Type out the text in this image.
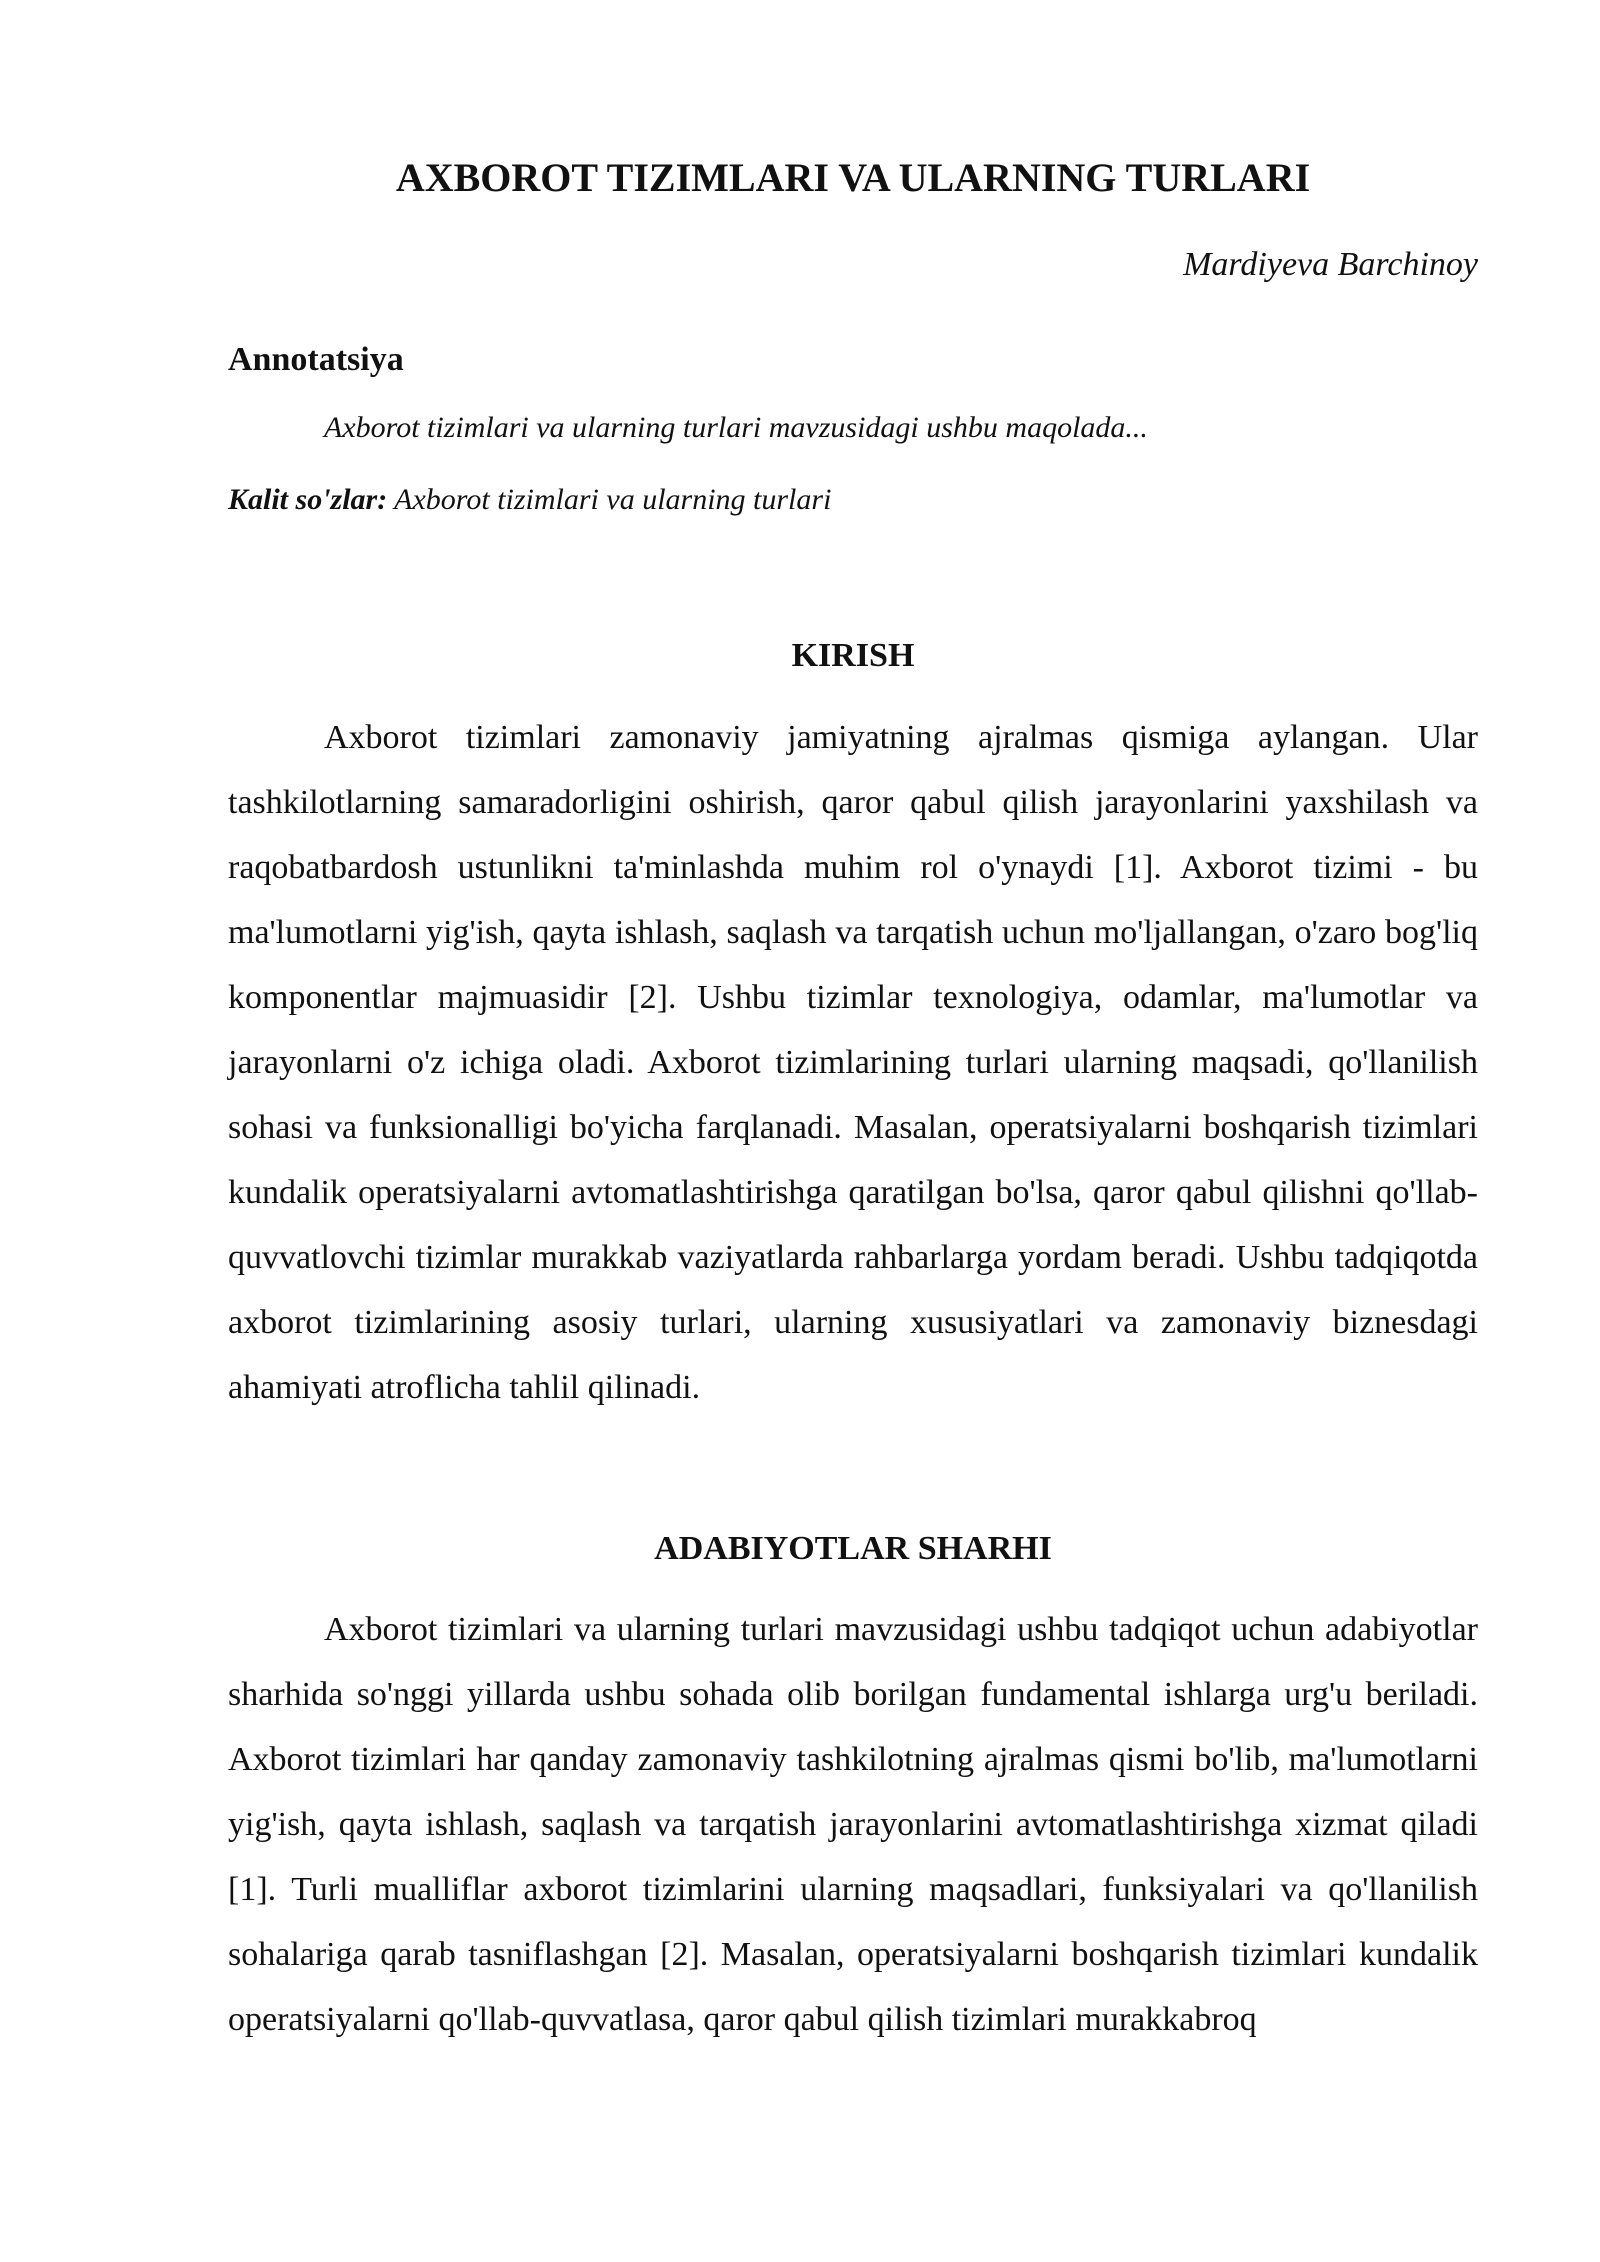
AXBOROT TIZIMLARI VA ULARNING TURLARI

Mardiyeva Barchinoy

Annotatsiya

Axborot tizimlari va ularning turlari mavzusidagi ushbu maqolada...

Kalit so'zlar: Axborot tizimlari va ularning turlari

KIRISH

Axborot tizimlari zamonaviy jamiyatning ajralmas qismiga aylangan. Ular tashkilotlarning samaradorligini oshirish, qaror qabul qilish jarayonlarini yaxshilash va raqobatbardosh ustunlikni ta'minlashda muhim rol o'ynaydi [1]. Axborot tizimi - bu ma'lumotlarni yig'ish, qayta ishlash, saqlash va tarqatish uchun mo'ljallangan, o'zaro bog'liq komponentlar majmuasidir [2]. Ushbu tizimlar texnologiya, odamlar, ma'lumotlar va jarayonlarni o'z ichiga oladi. Axborot tizimlarining turlari ularning maqsadi, qo'llanilish sohasi va funksionalligi bo'yicha farqlanadi. Masalan, operatsiyalarni boshqarish tizimlari kundalik operatsiyalarni avtomatlashtirishga qaratilgan bo'lsa, qaror qabul qilishni qo'llab-quvvatlovchi tizimlar murakkab vaziyatlarda rahbarlarga yordam beradi. Ushbu tadqiqotda axborot tizimlarining asosiy turlari, ularning xususiyatlari va zamonaviy biznesdagi ahamiyati atroflicha tahlil qilinadi.

ADABIYOTLAR SHARHI

Axborot tizimlari va ularning turlari mavzusidagi ushbu tadqiqot uchun adabiyotlar sharhida so'nggi yillarda ushbu sohada olib borilgan fundamental ishlarga urg'u beriladi. Axborot tizimlari har qanday zamonaviy tashkilotning ajralmas qismi bo'lib, ma'lumotlarni yig'ish, qayta ishlash, saqlash va tarqatish jarayonlarini avtomatlashtirishga xizmat qiladi [1]. Turli mualliflar axborot tizimlarini ularning maqsadlari, funksiyalari va qo'llanilish sohalariga qarab tasniflashgan [2]. Masalan, operatsiyalarni boshqarish tizimlari kundalik operatsiyalarni qo'llab-quvvatlasa, qaror qabul qilish tizimlari murakkabroq
